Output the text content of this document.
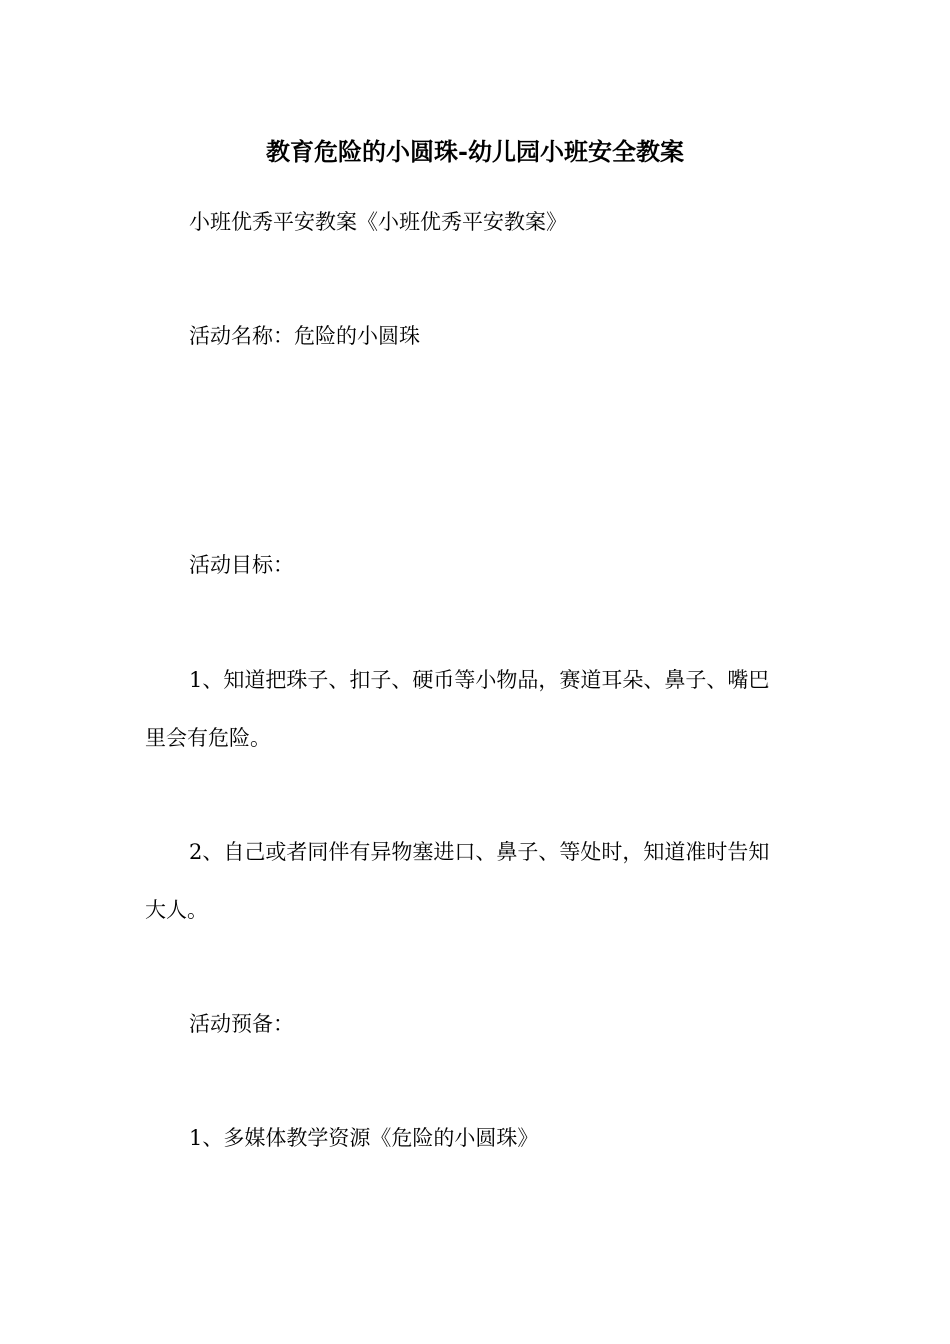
教育危险的小圆珠-幼儿园小班安全教案

小班优秀平安教案《小班优秀平安教案》

活动名称：危险的小圆珠

活动目标：

1、知道把珠子、扣子、硬币等小物品，赛道耳朵、鼻子、嘴巴
里会有危险。

2、自己或者同伴有异物塞进口、鼻子、等处时，知道准时告知
大人。

活动预备：

1、多媒体教学资源《危险的小圆珠》
